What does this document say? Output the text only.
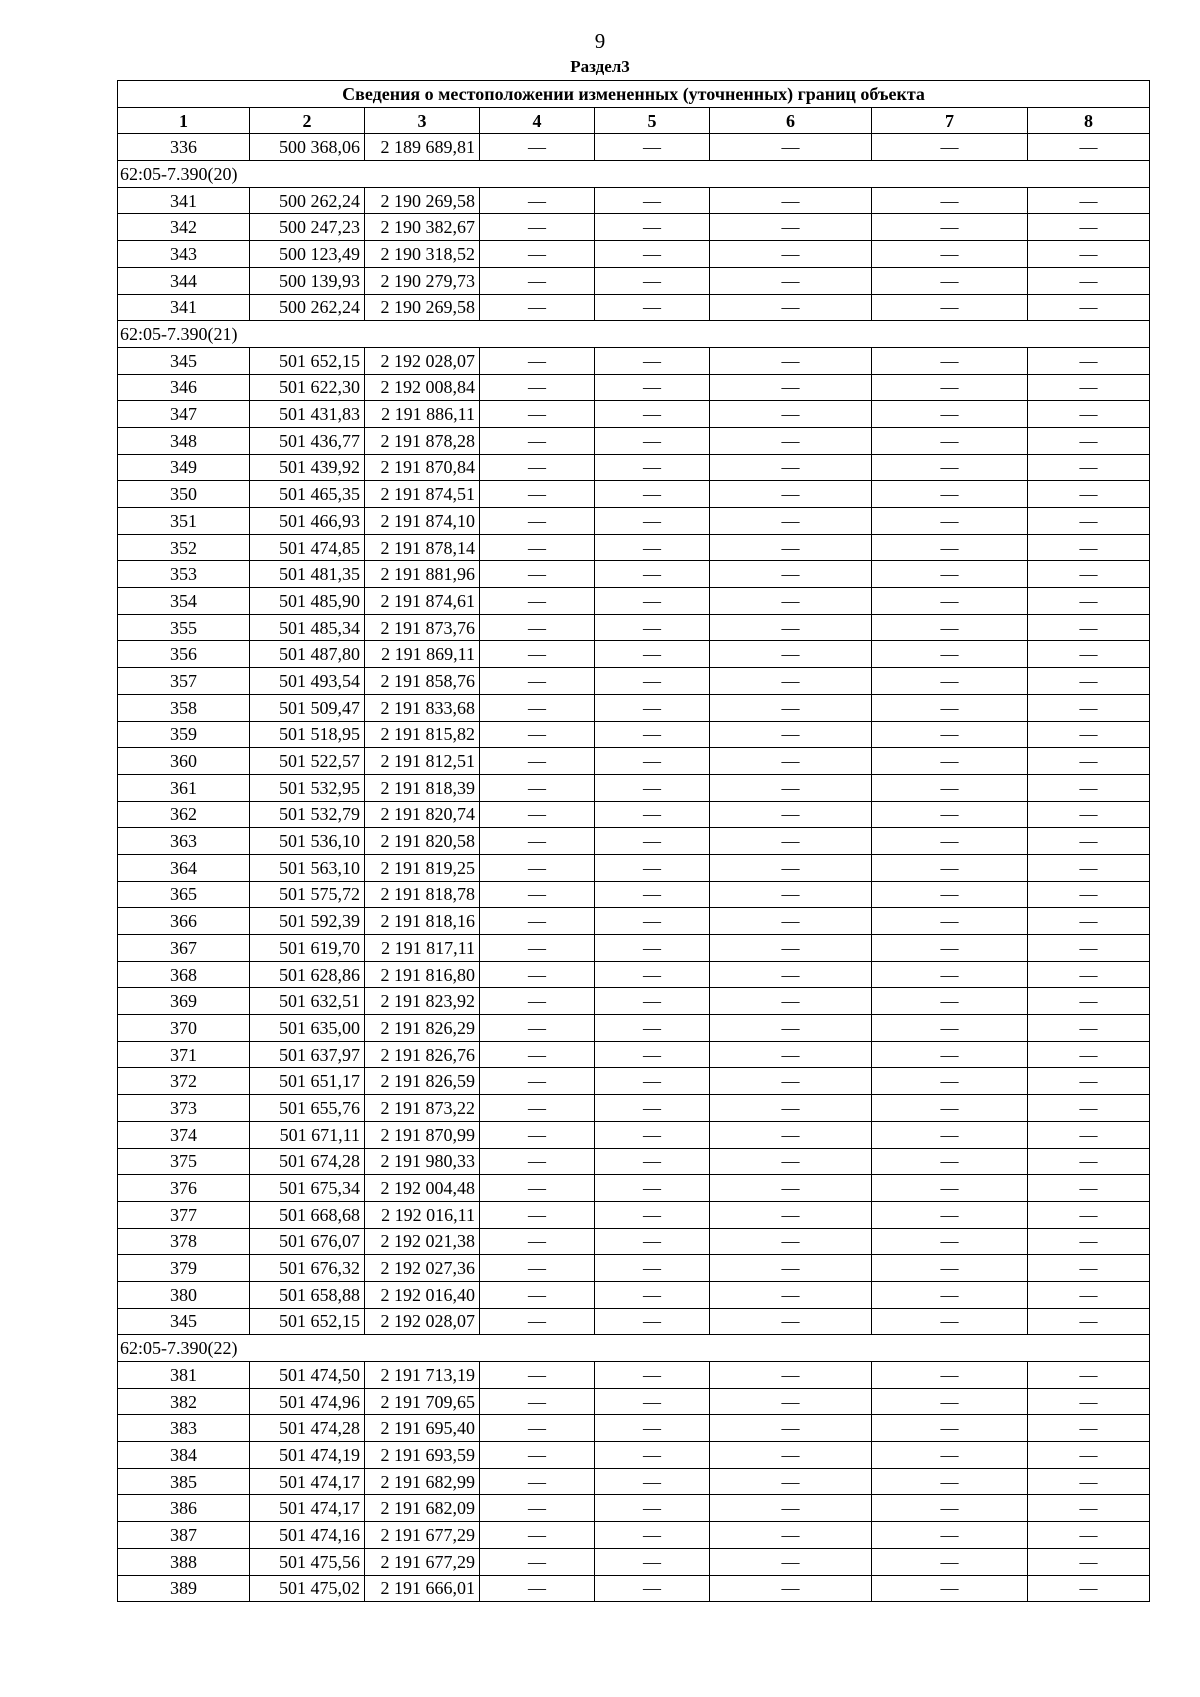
9
Раздел3
Сведения о местоположении измененных (уточненных) границ объекта							
1	2	3	4	5	6	7	8
336	500 368,06	2 189 689,81	—	—	—	—	—
62:05-7.390(20)							
341	500 262,24	2 190 269,58	—	—	—	—	—
342	500 247,23	2 190 382,67	—	—	—	—	—
343	500 123,49	2 190 318,52	—	—	—	—	—
344	500 139,93	2 190 279,73	—	—	—	—	—
341	500 262,24	2 190 269,58	—	—	—	—	—
62:05-7.390(21)							
345	501 652,15	2 192 028,07	—	—	—	—	—
346	501 622,30	2 192 008,84	—	—	—	—	—
347	501 431,83	2 191 886,11	—	—	—	—	—
348	501 436,77	2 191 878,28	—	—	—	—	—
349	501 439,92	2 191 870,84	—	—	—	—	—
350	501 465,35	2 191 874,51	—	—	—	—	—
351	501 466,93	2 191 874,10	—	—	—	—	—
352	501 474,85	2 191 878,14	—	—	—	—	—
353	501 481,35	2 191 881,96	—	—	—	—	—
354	501 485,90	2 191 874,61	—	—	—	—	—
355	501 485,34	2 191 873,76	—	—	—	—	—
356	501 487,80	2 191 869,11	—	—	—	—	—
357	501 493,54	2 191 858,76	—	—	—	—	—
358	501 509,47	2 191 833,68	—	—	—	—	—
359	501 518,95	2 191 815,82	—	—	—	—	—
360	501 522,57	2 191 812,51	—	—	—	—	—
361	501 532,95	2 191 818,39	—	—	—	—	—
362	501 532,79	2 191 820,74	—	—	—	—	—
363	501 536,10	2 191 820,58	—	—	—	—	—
364	501 563,10	2 191 819,25	—	—	—	—	—
365	501 575,72	2 191 818,78	—	—	—	—	—
366	501 592,39	2 191 818,16	—	—	—	—	—
367	501 619,70	2 191 817,11	—	—	—	—	—
368	501 628,86	2 191 816,80	—	—	—	—	—
369	501 632,51	2 191 823,92	—	—	—	—	—
370	501 635,00	2 191 826,29	—	—	—	—	—
371	501 637,97	2 191 826,76	—	—	—	—	—
372	501 651,17	2 191 826,59	—	—	—	—	—
373	501 655,76	2 191 873,22	—	—	—	—	—
374	501 671,11	2 191 870,99	—	—	—	—	—
375	501 674,28	2 191 980,33	—	—	—	—	—
376	501 675,34	2 192 004,48	—	—	—	—	—
377	501 668,68	2 192 016,11	—	—	—	—	—
378	501 676,07	2 192 021,38	—	—	—	—	—
379	501 676,32	2 192 027,36	—	—	—	—	—
380	501 658,88	2 192 016,40	—	—	—	—	—
345	501 652,15	2 192 028,07	—	—	—	—	—
62:05-7.390(22)							
381	501 474,50	2 191 713,19	—	—	—	—	—
382	501 474,96	2 191 709,65	—	—	—	—	—
383	501 474,28	2 191 695,40	—	—	—	—	—
384	501 474,19	2 191 693,59	—	—	—	—	—
385	501 474,17	2 191 682,99	—	—	—	—	—
386	501 474,17	2 191 682,09	—	—	—	—	—
387	501 474,16	2 191 677,29	—	—	—	—	—
388	501 475,56	2 191 677,29	—	—	—	—	—
389	501 475,02	2 191 666,01	—	—	—	—	—
